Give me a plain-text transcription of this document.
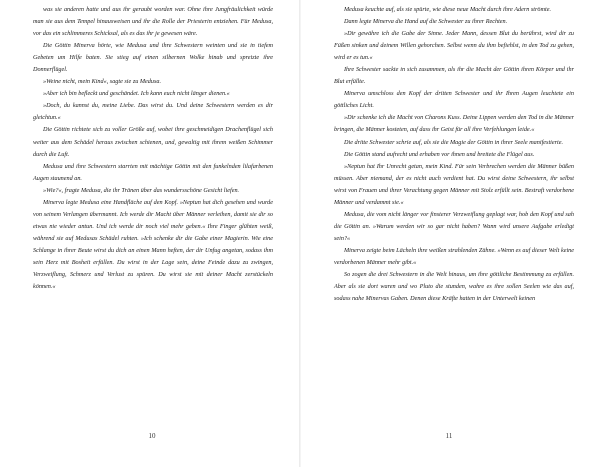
was sie anderen hatte und aus ihr geraubt worden war. Ohne ihre Jungfräulichkeit würde man sie aus dem Tempel hinausweisen und ihr die Rolle der Priesterin entziehen. Für Medusa, vor das ein schlimmeres Schicksal, als es das ihr je gewesen wäre.

Die Göttin Minerva hörte, wie Medusa und ihre Schwestern weinten und sie in tiefem Gebeten um Hilfe baten. Sie stieg auf einen silbernen Wolke hinab und spreizte ihre Donnerflügel.

»Weine nicht, mein Kind«, sagte sie zu Medusa.

»Aber ich bin befleckt und geschändet. Ich kann euch nicht länger dienen.«

»Doch, du kannst du, meine Liebe. Das wirst du. Und deine Schwestern werden es dir gleichtun.«

Die Göttin richtete sich zu voller Größe auf, wobei ihre geschmeidigen Drachenflügel sich weiter aus dem Schädel heraus zwischen schienen, und, gewaltig mit ihrem weißen Schimmer durch die Luft.

Medusa und ihre Schwestern starrten mit mächtige Göttin mit den funkelnden lilafarbenen Augen staunend an.

»Wie?«, fragte Medusa, die ihr Tränen über das wundersschöne Gesicht liefen.

Minerva legte Medusa eine Handfläche auf den Kopf. »Neptun hat dich gesehen und wurde von seinem Verlangen übermannt. Ich werde dir Macht über Männer verleihen, damit sie dir so etwas nie wieder antun. Und ich werde dir noch viel mehr geben.« Ihre Finger glühten weiß, während sie auf Medusas Schädel ruhten. »Ich schenke dir die Gabe einer Magierin. Wie eine Schlange in ihrer Beute wirst du dich an einen Mann heften, der dir Unfug angetan, sodass ihm sein Herz mit Bosheit erfüllen. Du wirst in der Lage sein, deine Feinde dazu zu zwingen, Verzweiflung, Schmerz und Verlust zu spüren. Du wirst sie mit deiner Macht zerstückeln können.«

10

Medusa keuchte auf, als sie spürte, wie diese neue Macht durch ihre Adern strömte.

Dann legte Minerva die Hand auf die Schwester zu ihrer Rechten.

»Dir gewähre ich die Gabe der Sinne. Jeder Mann, dessen Blut du berührst, wird dir zu Füßen sinken und deinem Willen gehorchen. Selbst wenn du ihm befiehlst, in den Tod zu gehen, wird er es tun.«

Ihre Schwester sackte in sich zusammen, als ihr die Macht der Göttin ihren Körper und ihr Blut erfüllte.

Minerva umschloss den Kopf der dritten Schwester und ihr Ihren Augen leuchtete ein göttliches Licht.

»Dir schenke ich die Macht von Charons Kuss. Deine Lippen werden den Tod in die Männer bringen, die Männer kosteten, auf dass ihr Geist für all ihre Verfehlungen leide.«

Die dritte Schwester schrie auf, als sie die Magie der Göttin in ihrer Seele manifestierte.

Die Göttin stand aufrecht und erhaben vor ihnen und breitete die Flügel aus.

»Neptun hat Ihr Unrecht getan, mein Kind. Für sein Verbrechen werden die Männer büßen müssen. Aber niemand, der es nicht auch verdient hat. Du wirst deine Schwestern, ihr selbst wirst von Frauen und ihrer Verachtung gegen Männer mit Stolz erfüllt sein. Bestraft verdorbene Männer und verdammt sie.«

Medusa, die vom nicht länger vor finsterer Verzweiflung geplagt war, hob den Kopf und sah die Göttin an. »Warum werden wir so gar nicht haben? Wann wird unsere Aufgabe erledigt sein?«

Minerva zeigte beim Lächeln ihre weißen strahlenden Zähne. »Wenn es auf dieser Welt keine verdorbenen Männer mehr gibt.«

So zogen die drei Schwestern in die Welt hinaus, um ihre göttliche Bestimmung zu erfüllen. Aber als sie dort waren und wo Pluto die stunden, wahre es ihre sollen Seelen wie das auf, sodass nahe Minervas Gaben. Denen diese Kräfte hatten in der Unterwelt keinen

11
